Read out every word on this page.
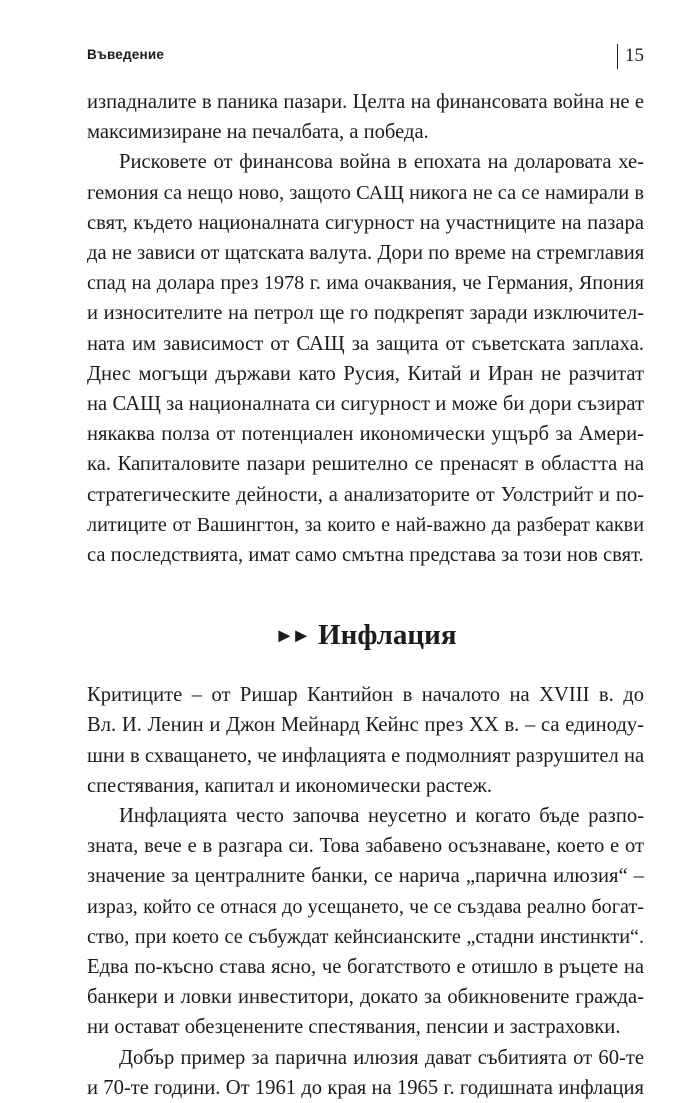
Въведение	15
изпадналите в паника пазари. Целта на финансовата война не е
максимизиране на печалбата, а победа.
Рисковете от финансова война в епохата на доларовата хе-
гемония са нещо ново, защото САЩ никога не са се намирали в
свят, където националната сигурност на участниците на пазара
да не зависи от щатската валута. Дори по време на стремглавия
спад на долара през 1978 г. има очаквания, че Германия, Япония
и износителите на петрол ще го подкрепят заради изключител-
ната им зависимост от САЩ за защита от съветската заплаха.
Днес могъщи държави като Русия, Китай и Иран не разчитат
на САЩ за националната си сигурност и може би дори съзират
някаква полза от потенциален икономически ущърб за Амери-
ка. Капиталовите пазари решително се пренасят в областта на
стратегическите дейности, а анализаторите от Уолстрийт и по-
литиците от Вашингтон, за които е най-важно да разберат какви
са последствията, имат само смътна представа за този нов свят.
►► Инфлация
Критиците – от Ришар Кантийон в началото на XVIII в. до
Вл. И. Ленин и Джон Мейнард Кейнс през XX в. – са единоду-
шни в схващането, че инфлацията е подмолният разрушител на
спестявания, капитал и икономически растеж.
Инфлацията често започва неусетно и когато бъде разпо-
зната, вече е в разгара си. Това забавено осъзнаване, което е от
значение за централните банки, се нарича „парична илюзия“ –
израз, който се отнася до усещането, че се създава реално богат-
ство, при което се събуждат кейнсианските „стадни инстинкти“.
Едва по-късно става ясно, че богатството е отишло в ръцете на
банкери и ловки инвеститори, докато за обикновените гражда-
ни остават обезценените спестявания, пенсии и застраховки.
Добър пример за парична илюзия дават събитията от 60-те
и 70-те години. От 1961 до края на 1965 г. годишната инфлация
